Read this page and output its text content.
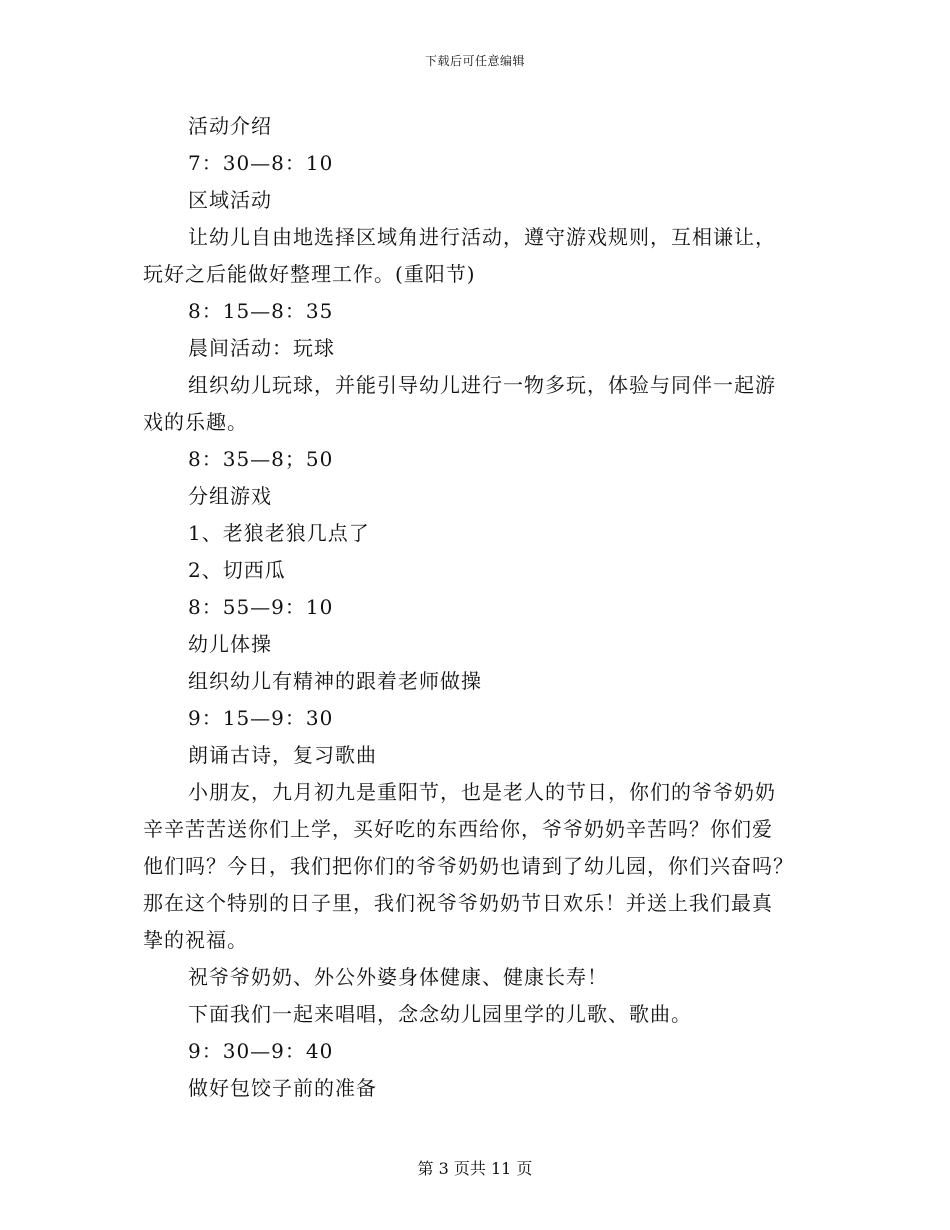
下载后可任意编辑
活动介绍
7：30—8：10
区域活动
让幼儿自由地选择区域角进行活动，遵守游戏规则，互相谦让，
玩好之后能做好整理工作。(重阳节)
8：15—8：35
晨间活动：玩球
组织幼儿玩球，并能引导幼儿进行一物多玩，体验与同伴一起游
戏的乐趣。
8：35—8；50
分组游戏
1、老狼老狼几点了
2、切西瓜
8：55—9：10
幼儿体操
组织幼儿有精神的跟着老师做操
9：15—9：30
朗诵古诗，复习歌曲
小朋友，九月初九是重阳节，也是老人的节日，你们的爷爷奶奶
辛辛苦苦送你们上学，买好吃的东西给你，爷爷奶奶辛苦吗？你们爱
他们吗？今日，我们把你们的爷爷奶奶也请到了幼儿园，你们兴奋吗？
那在这个特别的日子里，我们祝爷爷奶奶节日欢乐！并送上我们最真
挚的祝福。
祝爷爷奶奶、外公外婆身体健康、健康长寿！
下面我们一起来唱唱，念念幼儿园里学的儿歌、歌曲。
9：30—9：40
做好包饺子前的准备
第 3 页共 11 页
